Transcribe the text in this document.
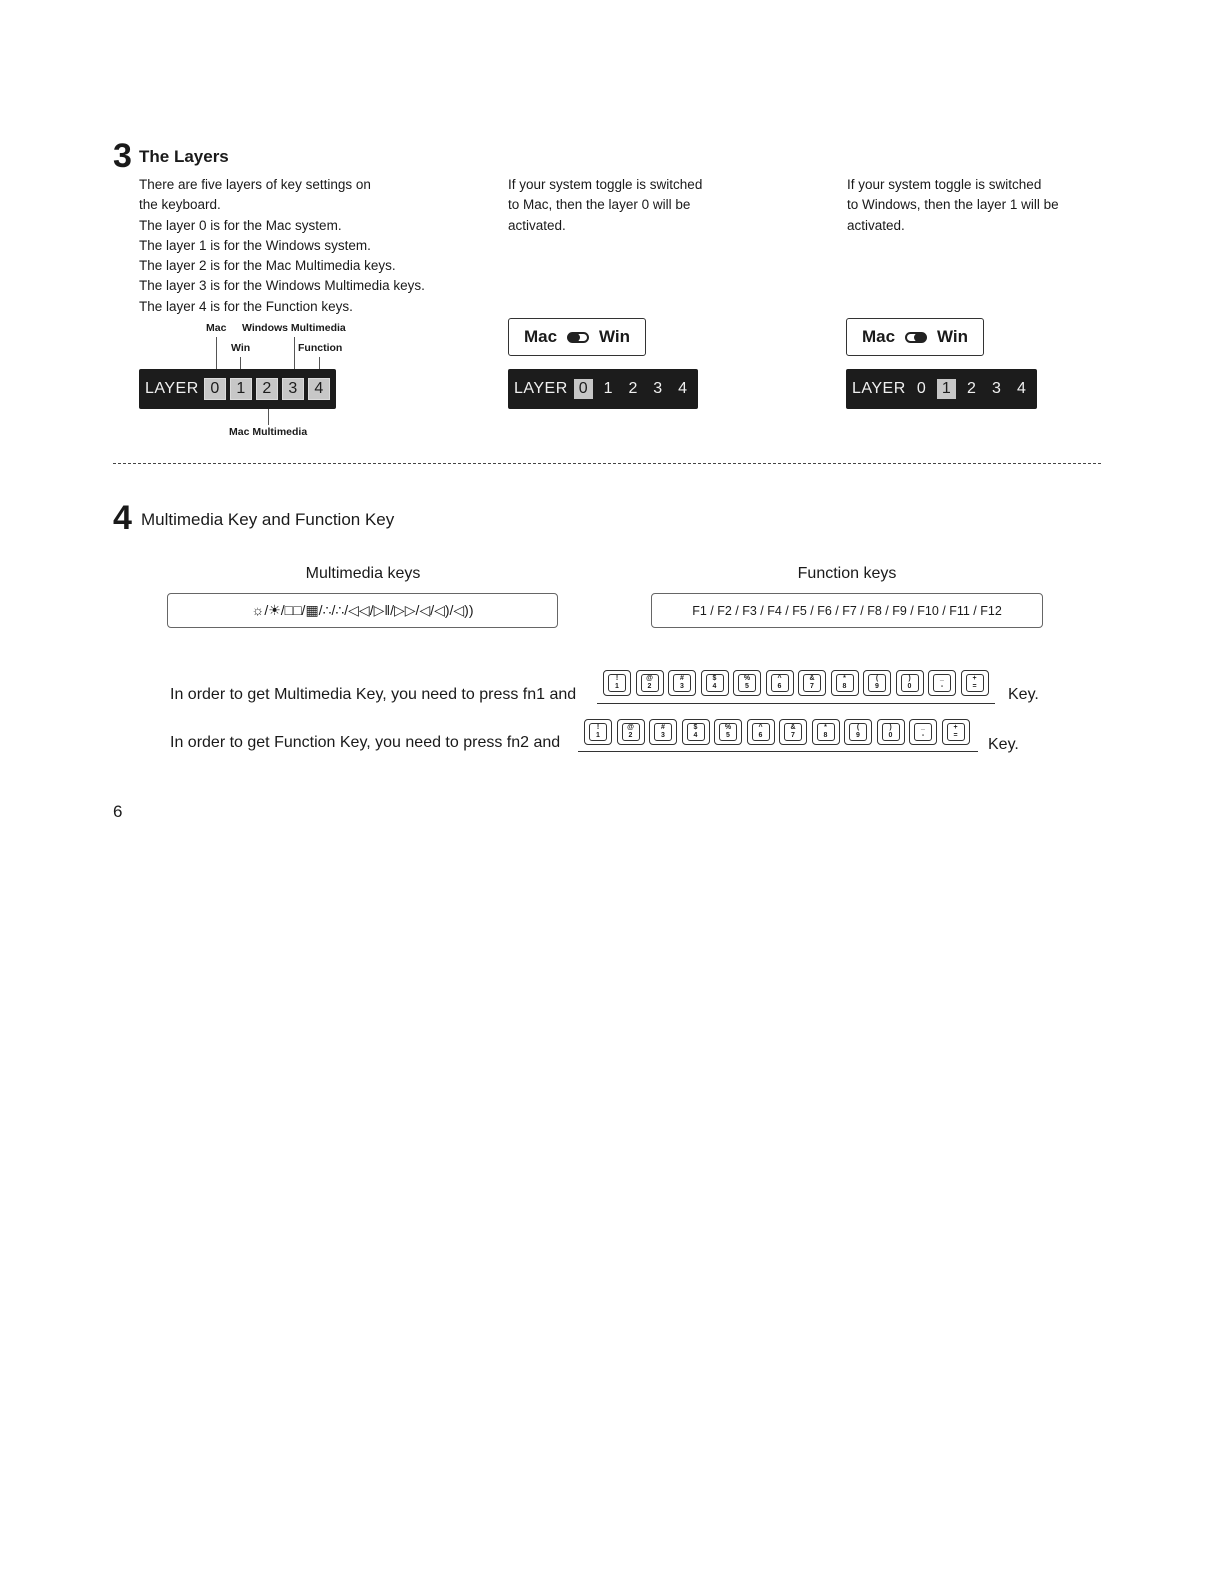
3 The Layers
There are five layers of key settings on
the keyboard.
The layer 0 is for the Mac system.
The layer 1 is for the Windows system.
The layer 2 is for the Mac Multimedia keys.
The layer 3 is for the Windows Multimedia keys.
The layer 4 is for the Function keys.
Mac Windows Multimedia
Win	Function
Mac Multimedia
LAYER 0	1	2	3	4
If your system toggle is switched
to Mac, then the layer 0 will be
activated.
Mac Win
LAYER 0 1 2 3 4
If your system toggle is switched
to Windows, then the layer 1 will be
activated.
Mac Win
LAYER 0	1	2	3	4
4 Multimedia Key and Function Key
Multimedia keys
☼/☀/□□/▦/∴/∴/◁◁/▷‖/▷▷/◁/◁)/◁))
Function keys
F1 / F2 / F3 / F4 / F5 / F6 / F7 / F8 / F9 / F10 / F11 / F12
In order to get Multimedia Key, you need to press fn1 and
!
1
@
2
#
3
$
4
%
5
^
6
&
7
*
8
(
9
)
0
_
-
+
=	Key.
In order to get Function Key, you need to press fn2 and
!
1
@
2
#
3
$
4
%
5
^
6
&
7
*
8
(
9
)
0
_
-
+
=
Key.
6
